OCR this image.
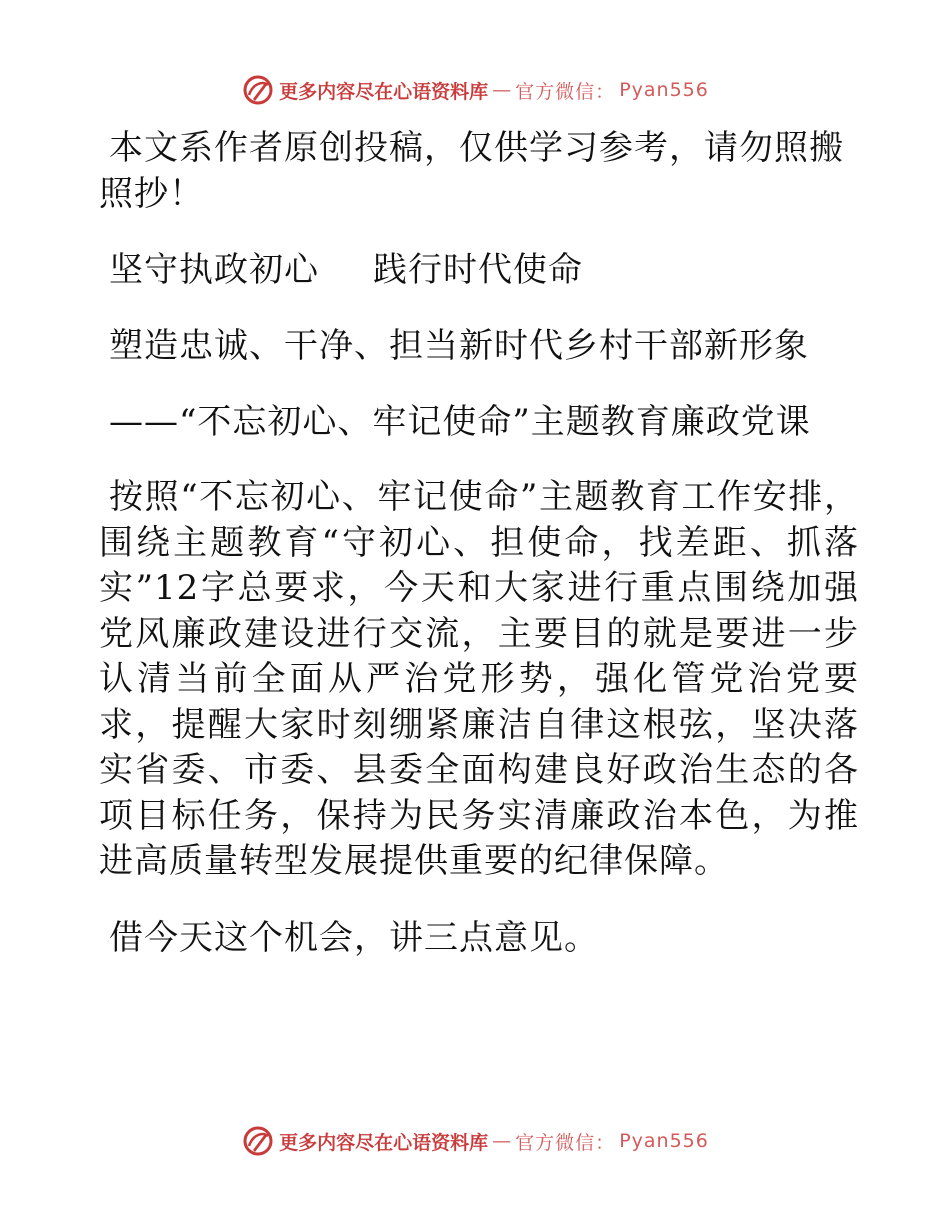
更多内容尽在心语资料库 — 官方微信： Pyan556

本文系作者原创投稿，仅供学习参考，请勿照搬照抄！

坚守执政初心 践行时代使命
塑造忠诚、干净、担当新时代乡村干部新形象
——“不忘初心、牢记使命”主题教育廉政党课

按照“不忘初心、牢记使命”主题教育工作安排，围绕主题教育“守初心、担使命，找差距、抓落实”12字总要求，今天和大家进行重点围绕加强党风廉政建设进行交流，主要目的就是要进一步认清当前全面从严治党形势，强化管党治党要求，提醒大家时刻绷紧廉洁自律这根弦，坚决落实省委、市委、县委全面构建良好政治生态的各项目标任务，保持为民务实清廉政治本色，为推进高质量转型发展提供重要的纪律保障。

借今天这个机会，讲三点意见。

更多内容尽在心语资料库 — 官方微信： Pyan556
